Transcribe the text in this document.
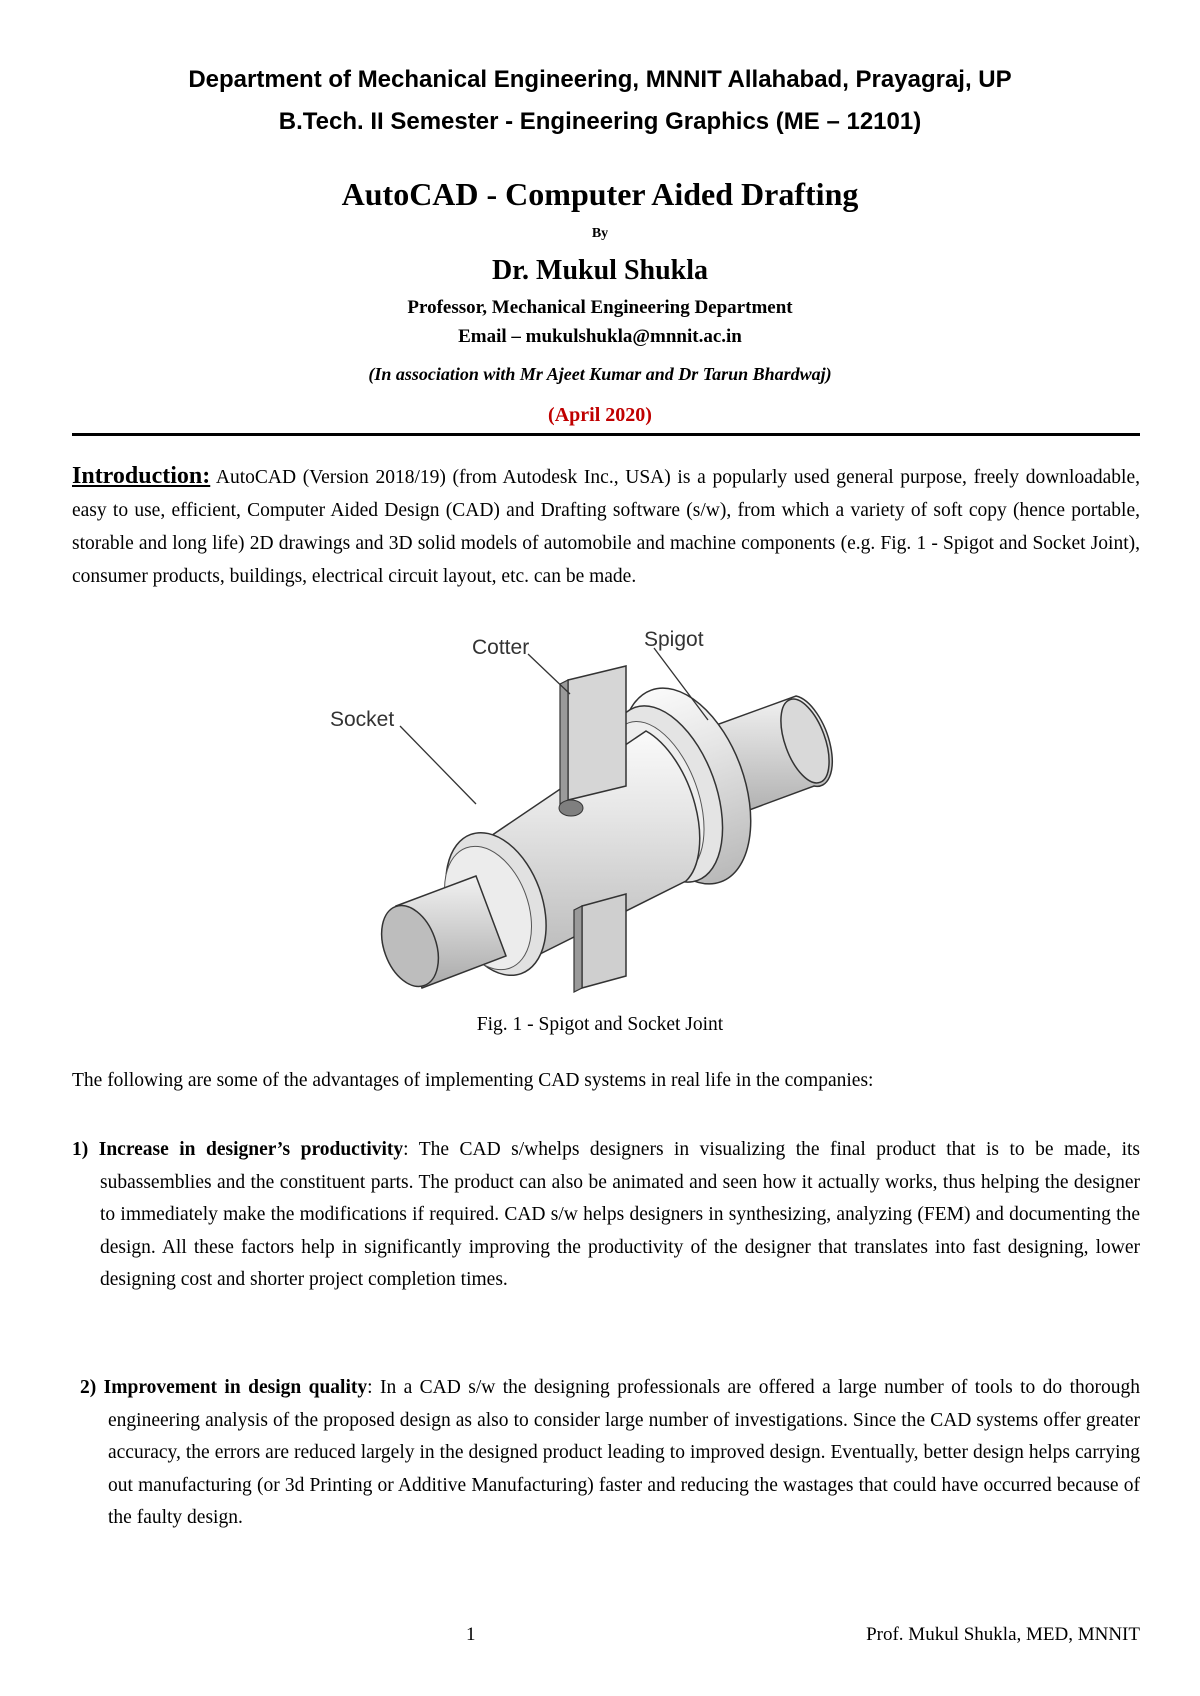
Department of Mechanical Engineering, MNNIT Allahabad, Prayagraj, UP
B.Tech. II Semester - Engineering Graphics (ME – 12101)
AutoCAD - Computer Aided Drafting
By
Dr. Mukul Shukla
Professor, Mechanical Engineering Department
Email – mukulshukla@mnnit.ac.in
(In association with Mr Ajeet Kumar and Dr Tarun Bhardwaj)
(April 2020)
Introduction: AutoCAD (Version 2018/19) (from Autodesk Inc., USA) is a popularly used general purpose, freely downloadable, easy to use, efficient, Computer Aided Design (CAD) and Drafting software (s/w), from which a variety of soft copy (hence portable, storable and long life) 2D drawings and 3D solid models of automobile and machine components (e.g. Fig. 1 - Spigot and Socket Joint), consumer products, buildings, electrical circuit layout, etc. can be made.
Spigot
Cotter
Socket
Fig. 1 - Spigot and Socket Joint
The following are some of the advantages of implementing CAD systems in real life in the companies:
1) Increase in designer’s productivity: The CAD s/whelps designers in visualizing the final product that is to be made, its subassemblies and the constituent parts. The product can also be animated and seen how it actually works, thus helping the designer to immediately make the modifications if required. CAD s/w helps designers in synthesizing, analyzing (FEM) and documenting the design. All these factors help in significantly improving the productivity of the designer that translates into fast designing, lower designing cost and shorter project completion times.
2) Improvement in design quality: In a CAD s/w the designing professionals are offered a large number of tools to do thorough engineering analysis of the proposed design as also to consider large number of investigations. Since the CAD systems offer greater accuracy, the errors are reduced largely in the designed product leading to improved design. Eventually, better design helps carrying out manufacturing (or 3d Printing or Additive Manufacturing) faster and reducing the wastages that could have occurred because of the faulty design.
1	Prof. Mukul Shukla, MED, MNNIT
